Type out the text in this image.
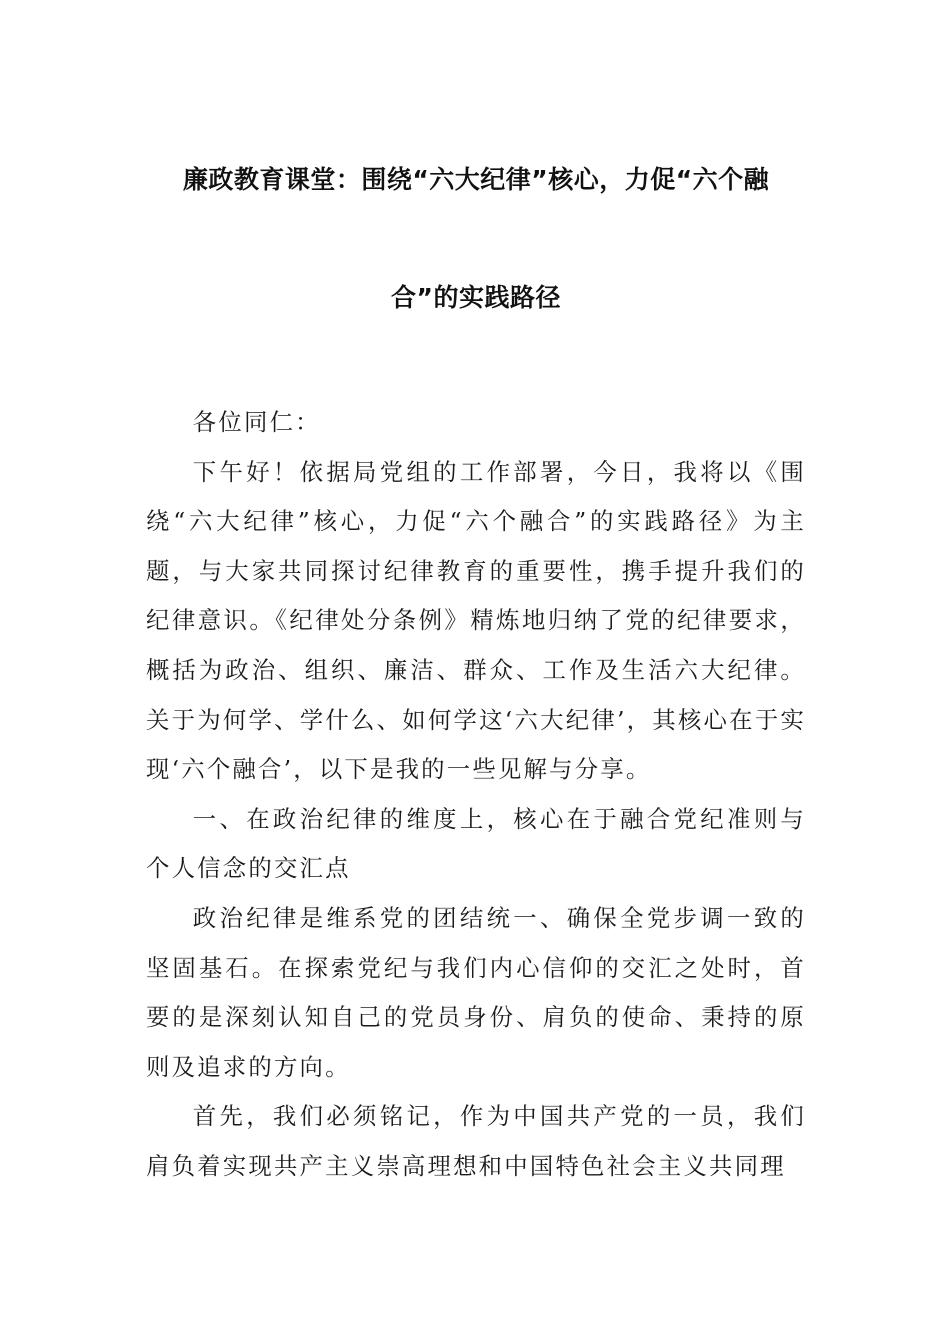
廉政教育课堂：围绕“六大纪律”核心，力促“六个融
合”的实践路径

各位同仁：

下午好！依据局党组的工作部署，今日，我将以《围绕“六大纪律”核心，力促“六个融合”的实践路径》为主题，与大家共同探讨纪律教育的重要性，携手提升我们的纪律意识。《纪律处分条例》精炼地归纳了党的纪律要求，概括为政治、组织、廉洁、群众、工作及生活六大纪律。关于为何学、学什么、如何学这‘六大纪律’，其核心在于实现‘六个融合’，以下是我的一些见解与分享。

一、在政治纪律的维度上，核心在于融合党纪准则与个人信念的交汇点

政治纪律是维系党的团结统一、确保全党步调一致的坚固基石。在探索党纪与我们内心信仰的交汇之处时，首要的是深刻认知自己的党员身份、肩负的使命、秉持的原则及追求的方向。

首先，我们必须铭记，作为中国共产党的一员，我们肩负着实现共产主义崇高理想和中国特色社会主义共同理
